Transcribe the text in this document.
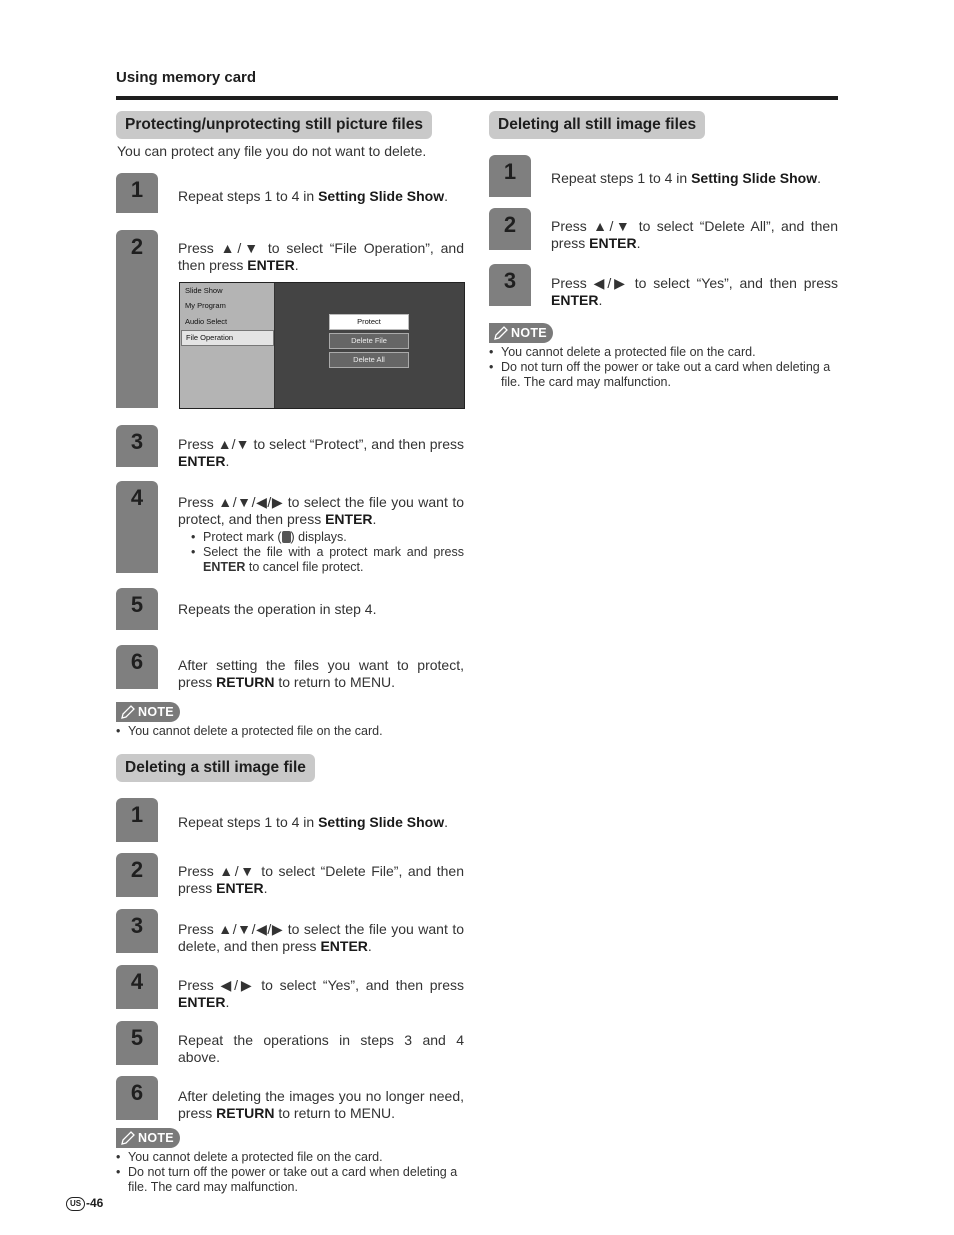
Using memory card
Protecting/unprotecting still picture files
You can protect any file you do not want to delete.
1	Repeat steps 1 to 4 in Setting Slide Show.
2	Press ▲/▼ to select “File Operation”, and then press ENTER.
Slide Show
My Program
Audio Select
File Operation
Protect
Delete File
Delete All
3	Press ▲/▼ to select “Protect”, and then press ENTER.
4	Press ▲/▼/◀/▶ to select the file you want to protect, and then press ENTER.
• Protect mark ( ) displays.
• Select the file with a protect mark and press ENTER to cancel file protect.
5	Repeats the operation in step 4.
6	After setting the files you want to protect, press RETURN to return to MENU.
NOTE
• You cannot delete a protected file on the card.
Deleting a still image file
1	Repeat steps 1 to 4 in Setting Slide Show.
2	Press ▲/▼ to select “Delete File”, and then press ENTER.
3	Press ▲/▼/◀/▶ to select the file you want to delete, and then press ENTER.
4	Press ◀/▶ to select “Yes”, and then press ENTER.
5	Repeat the operations in steps 3 and 4 above.
6	After deleting the images you no longer need, press RETURN to return to MENU.
NOTE
• You cannot delete a protected file on the card.
• Do not turn off the power or take out a card when deleting a file. The card may malfunction.
Deleting all still image files
1	Repeat steps 1 to 4 in Setting Slide Show.
2	Press ▲/▼ to select “Delete All”, and then press ENTER.
3	Press ◀/▶ to select “Yes”, and then press ENTER.
NOTE
• You cannot delete a protected file on the card.
• Do not turn off the power or take out a card when deleting a file. The card may malfunction.
US -46
